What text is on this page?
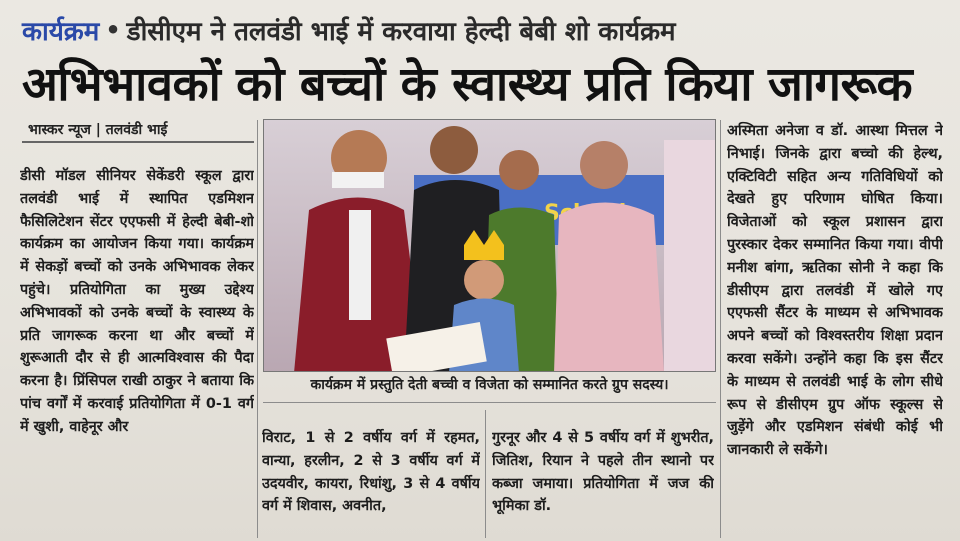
कार्यक्रम • डीसीएम ने तलवंडी भाई में करवाया हेल्दी बेबी शो कार्यक्रम
अभिभावकों को बच्चों के स्वास्थ्य प्रति किया जागरूक
भास्कर न्यूज | तलवंडी भाई

डीसी मॉडल सीनियर सेकेंडरी स्कूल द्वारा तलवंडी भाई में स्थापित एडमिशन फैसिलिटेशन सेंटर एएफसी में हेल्दी बेबी-शो कार्यक्रम का आयोजन किया गया। कार्यक्रम में सेकड़ों बच्चों को उनके अभिभावक लेकर पहुंचे। प्रतियोगिता का मुख्य उद्देश्य अभिभावकों को उनके बच्चों के स्वास्थ्य के प्रति जागरूक करना था और बच्चों में शुरूआती दौर से ही आत्मविश्वास की पैदा करना है। प्रिंसिपल राखी ठाकुर ने बताया कि पांच वर्गों में करवाई प्रतियोगिता में 0-1 वर्ग में खुशी, वाहेनूर और

कार्यक्रम में प्रस्तुति देती बच्ची व विजेता को सम्मानित करते ग्रुप सदस्य।

विराट, 1 से 2 वर्षीय वर्ग में रहमत, वान्या, हरलीन, 2 से 3 वर्षीय वर्ग में उदयवीर, कायरा, रिधांशु, 3 से 4 वर्षीय वर्ग में शिवास, अवनीत,

गुरनूर और 4 से 5 वर्षीय वर्ग में शुभरीत, जितिश, रियान ने पहले तीन स्थानो पर कब्जा जमाया। प्रतियोगिता में जज की भूमिका डॉ.

अस्मिता अनेजा व डॉ. आस्था मित्तल ने निभाई। जिनके द्वारा बच्चो की हेल्थ, एक्टिविटी सहित अन्य गतिविधियों को देखते हुए परिणाम घोषित किया। विजेताओं को स्कूल प्रशासन द्वारा पुरस्कार देकर सम्मानित किया गया। वीपी मनीश बांगा, ऋतिका सोनी ने कहा कि डीसीएम द्वारा तलवंडी में खोले गए एएफसी सैंटर के माध्यम से अभिभावक अपने बच्चों को विश्वस्तरीय शिक्षा प्रदान करवा सकेंगे। उन्होंने कहा कि इस सैंटर के माध्यम से तलवंडी भाई के लोग सीधे रूप से डीसीएम ग्रुप ऑफ स्कूल्स से जुड़ेंगे और एडमिशन संबंधी कोई भी जानकारी ले सकेंगे।
